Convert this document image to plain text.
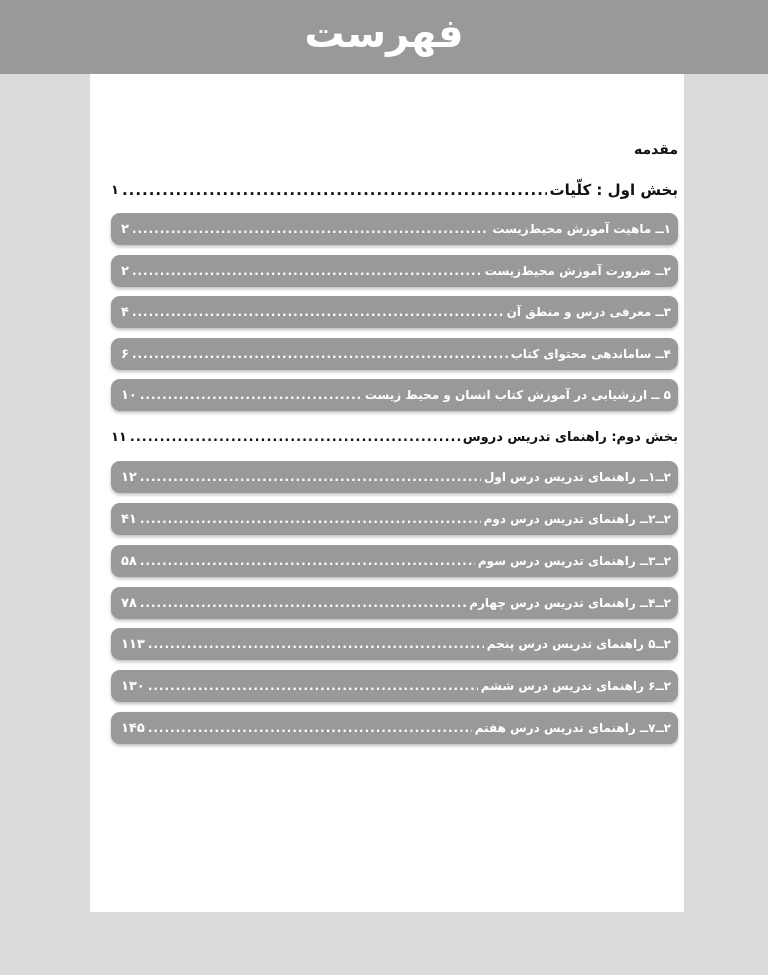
فهرست
مقدمه
بخش اول : کلّیات
.....
۱
۱ــ ماهیت آموزش محیط‌زیست
.....
۲
۲ــ ضرورت آموزش محیط‌زیست
.....
۲
۳ــ معرفی درس و منطق آن
.....
۴
۴ــ ساماندهی محتوای کتاب
.....
۶
۵ ــ ارزشیابی در آموزش کتاب انسان و محیط زیست
.....
۱۰
بخش دوم: راهنمای تدریس دروس
.....
۱۱
۲ــ۱ــ راهنمای تدریس درس اول
.....
۱۲
۲ــ۲ــ راهنمای تدریس درس دوم
.....
۴۱
۲ــ۳ــ راهنمای تدریس درس سوم
.....
۵۸
۲ــ۴ــ راهنمای تدریس درس چهارم
.....
۷۸
۲ــ۵ راهنمای تدریس درس پنجم
.....
۱۱۳
۲ــ۶ راهنمای تدریس درس ششم
.....
۱۳۰
۲ــ۷ــ راهنمای تدریس درس هفتم
.....
۱۴۵
